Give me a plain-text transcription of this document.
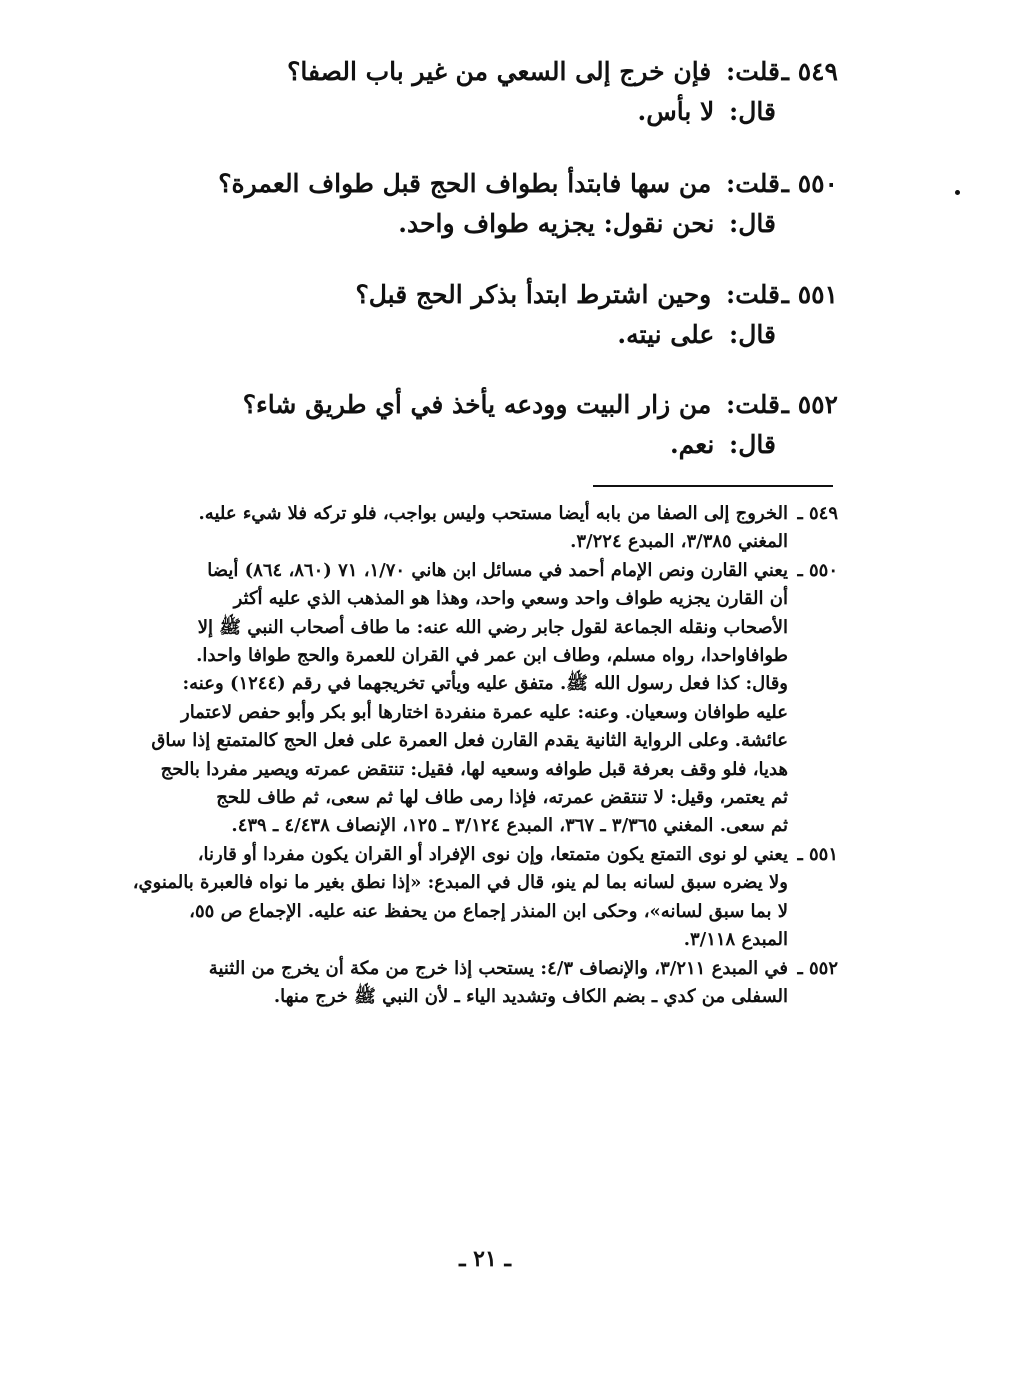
٥٤٩ ـقلت: فإن خرج إلى السعي من غير باب الصفا؟
قال: لا بأس.
٥٥٠ ـقلت: من سها فابتدأ بطواف الحج قبل طواف العمرة؟
قال: نحن نقول: يجزيه طواف واحد.
٥٥١ ـقلت: وحين اشترط ابتدأ بذكر الحج قبل؟
قال: على نيته.
٥٥٢ ـقلت: من زار البيت وودعه يأخذ في أي طريق شاء؟
قال: نعم.
٥٤٩ ـالخروج إلى الصفا من بابه أيضا مستحب وليس بواجب، فلو تركه فلا شيء عليه.
المغني ٣/٣٨٥، المبدع ٣/٢٢٤.
٥٥٠ ـيعني القارن ونص الإمام أحمد في مسائل ابن هاني ١/٧٠، ٧١ (٨٦٠، ٨٦٤) أيضا
أن القارن يجزيه طواف واحد وسعي واحد، وهذا هو المذهب الذي عليه أكثر
الأصحاب ونقله الجماعة لقول جابر رضي الله عنه: ما طاف أصحاب النبي ﷺ إلا
طوافاواحدا، رواه مسلم، وطاف ابن عمر في القران للعمرة والحج طوافا واحدا.
وقال: كذا فعل رسول الله ﷺ. متفق عليه ويأتي تخريجهما في رقم (١٢٤٤) وعنه:
عليه طوافان وسعيان. وعنه: عليه عمرة منفردة اختارها أبو بكر وأبو حفص لاعتمار
عائشة. وعلى الرواية الثانية يقدم القارن فعل العمرة على فعل الحج كالمتمتع إذا ساق
هديا، فلو وقف بعرفة قبل طوافه وسعيه لها، فقيل: تنتقض عمرته ويصير مفردا بالحج
ثم يعتمر، وقيل: لا تنتقض عمرته، فإذا رمى طاف لها ثم سعى، ثم طاف للحج
ثم سعى. المغني ٣/٣٦٥ ـ ٣٦٧، المبدع ٣/١٢٤ ـ ١٢٥، الإنصاف ٤/٤٣٨ ـ ٤٣٩.
٥٥١ ـيعني لو نوى التمتع يكون متمتعا، وإن نوى الإفراد أو القران يكون مفردا أو قارنا،
ولا يضره سبق لسانه بما لم ينو، قال في المبدع: «إذا نطق بغير ما نواه فالعبرة بالمنوي،
لا بما سبق لسانه»، وحكى ابن المنذر إجماع من يحفظ عنه عليه. الإجماع ص ٥٥،
المبدع ٣/١١٨.
٥٥٢ ـفي المبدع ٣/٢١١، والإنصاف ٤/٣: يستحب إذا خرج من مكة أن يخرج من الثنية
السفلى من كدي ـ بضم الكاف وتشديد الياء ـ لأن النبي ﷺ خرج منها.
ـ ٢١ ـ
